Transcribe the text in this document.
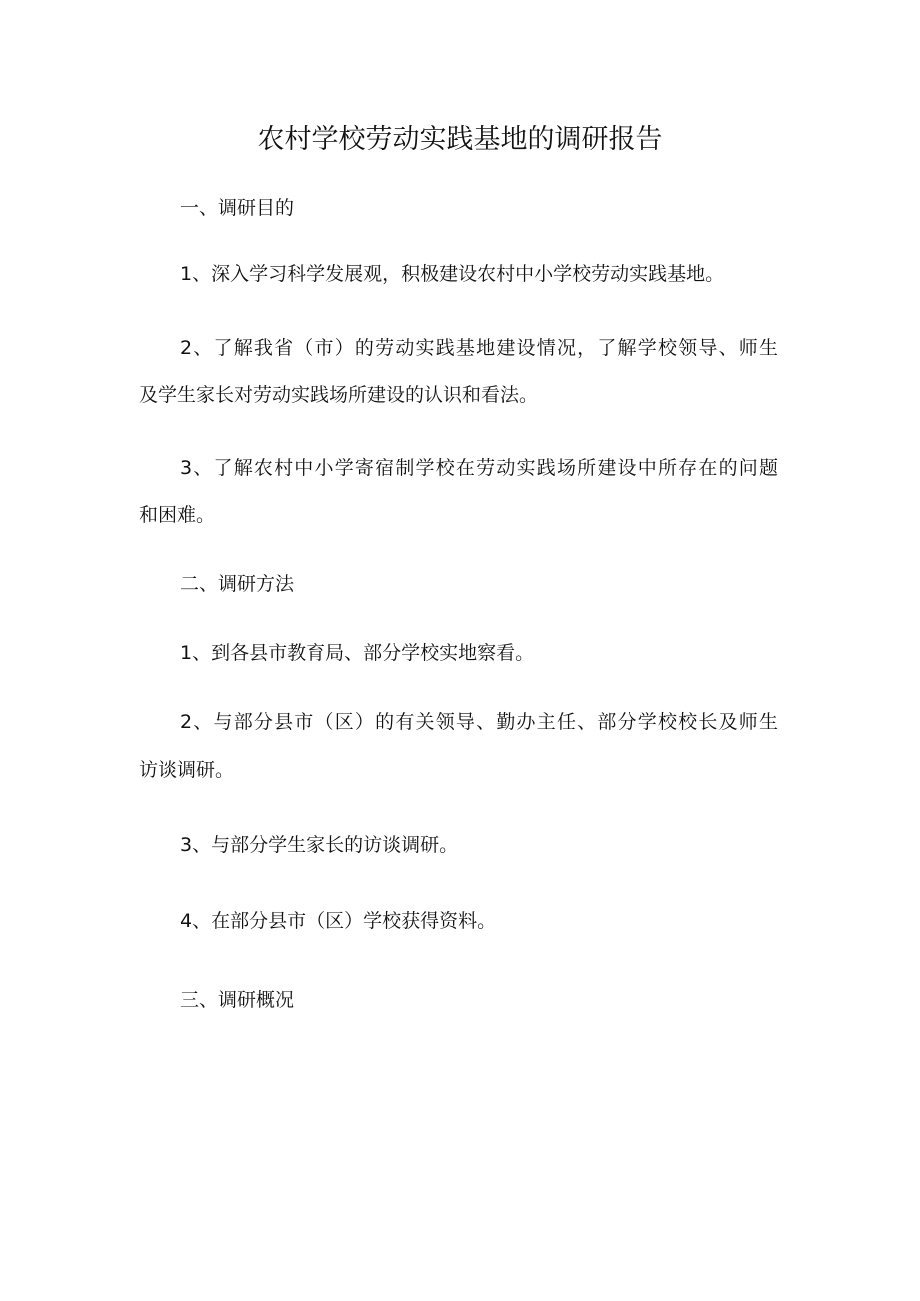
农村学校劳动实践基地的调研报告
一、调研目的
1、深入学习科学发展观，积极建设农村中小学校劳动实践基地。
2 、 了 解 我 省 （ 市 ） 的 劳 动 实 践 基 地 建 设 情 况 ， 了 解 学 校 领 导 、 师 生
及学生家长对劳动实践场所建设的认识和看法。
3 、 了 解 农 村 中 小 学 寄 宿 制 学 校 在 劳 动 实 践 场 所 建 设 中 所 存 在 的 问 题
和困难。
二、调研方法
1、到各县市教育局、部分学校实地察看。
2 、 与 部 分 县 市 （ 区 ） 的 有 关 领 导 、 勤 办 主 任 、 部 分 学 校 校 长 及 师 生
访谈调研。
3、与部分学生家长的访谈调研。
4、在部分县市（区）学校获得资料。
三、调研概况
